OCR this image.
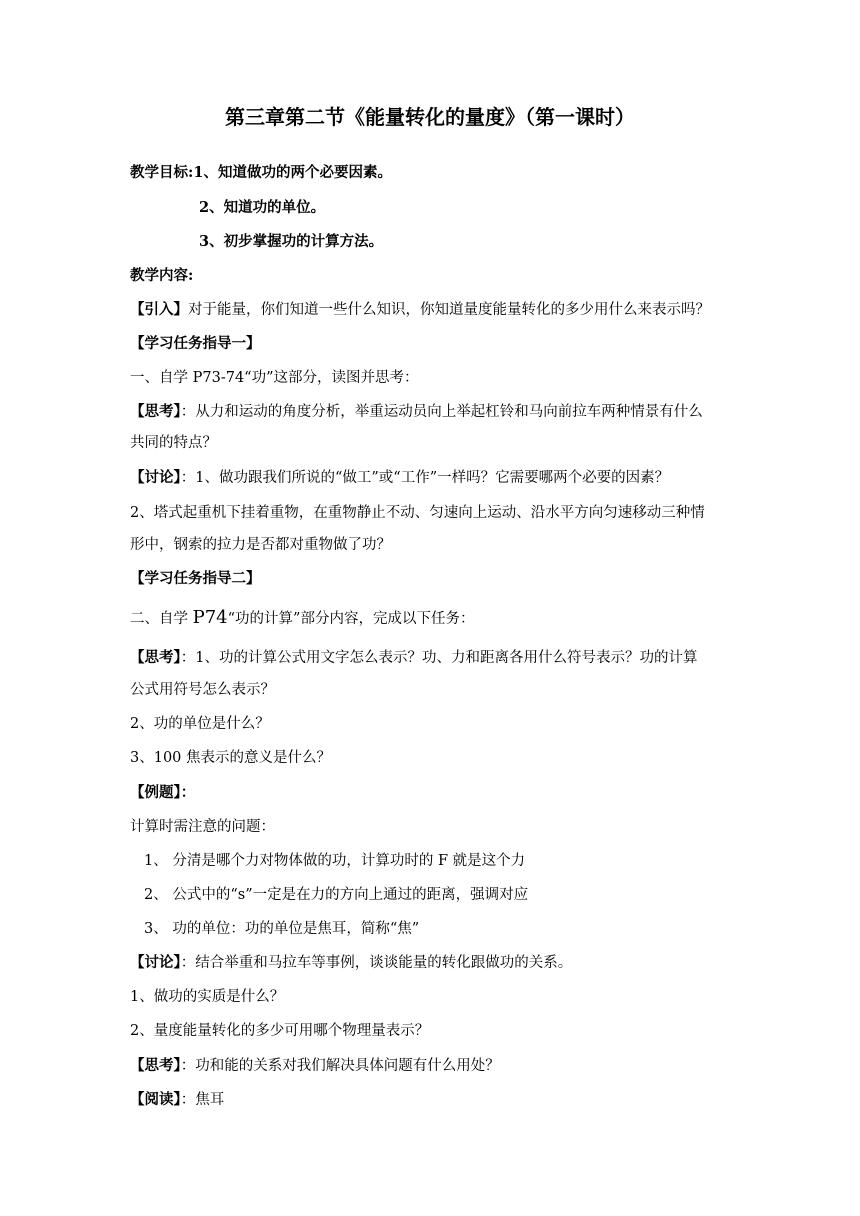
第三章第二节《能量转化的量度》（第一课时）
教学目标:1、知道做功的两个必要因素。
2、知道功的单位。
3、初步掌握功的计算方法。
教学内容:
【引入】对于能量，你们知道一些什么知识，你知道量度能量转化的多少用什么来表示吗？
【学习任务指导一】
一、自学 P73-74“功”这部分，读图并思考：
【思考】：从力和运动的角度分析，举重运动员向上举起杠铃和马向前拉车两种情景有什么
共同的特点？
【讨论】：1、做功跟我们所说的“做工”或“工作”一样吗？它需要哪两个必要的因素？
2、塔式起重机下挂着重物，在重物静止不动、匀速向上运动、沿水平方向匀速移动三种情
形中，钢索的拉力是否都对重物做了功？
【学习任务指导二】
二、自学 P74“功的计算”部分内容，完成以下任务：
【思考】：1、功的计算公式用文字怎么表示？功、力和距离各用什么符号表示？功的计算
公式用符号怎么表示？
2、功的单位是什么？
3、100 焦表示的意义是什么？
【例题】：
计算时需注意的问题：
1、 分清是哪个力对物体做的功，计算功时的 F 就是这个力
2、 公式中的“s”一定是在力的方向上通过的距离，强调对应
3、 功的单位：功的单位是焦耳，简称“焦”
【讨论】：结合举重和马拉车等事例，谈谈能量的转化跟做功的关系。
1、做功的实质是什么？
2、量度能量转化的多少可用哪个物理量表示？
【思考】：功和能的关系对我们解决具体问题有什么用处？
【阅读】：焦耳
